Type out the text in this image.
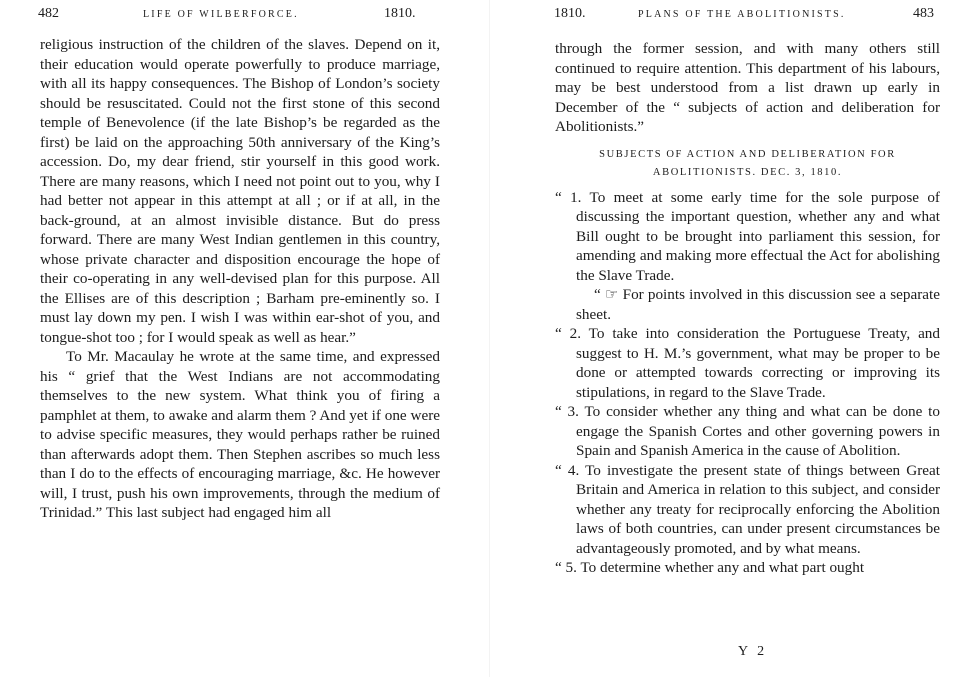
482	LIFE OF WILBERFORCE.	1810.

religious instruction of the children of the slaves. Depend on it, their education would operate powerfully to produce marriage, with all its happy consequences. The Bishop of London’s society should be resuscitated. Could not the first stone of this second temple of Benevolence (if the late Bishop’s be regarded as the first) be laid on the approaching 50th anniversary of the King’s accession. Do, my dear friend, stir yourself in this good work. There are many reasons, which I need not point out to you, why I had better not appear in this attempt at all ; or if at all, in the back-ground, at an almost invisible distance. But do press forward. There are many West Indian gentlemen in this country, whose private character and disposition encourage the hope of their co-operating in any well-devised plan for this purpose. All the Ellises are of this description ; Barham pre-eminently so. I must lay down my pen. I wish I was within ear-shot of you, and tongue-shot too ; for I would speak as well as hear.”

To Mr. Macaulay he wrote at the same time, and expressed his “ grief that the West Indians are not accommodating themselves to the new system. What think you of firing a pamphlet at them, to awake and alarm them ? And yet if one were to advise specific measures, they would perhaps rather be ruined than afterwards adopt them. Then Stephen ascribes so much less than I do to the effects of encouraging marriage, &c. He however will, I trust, push his own improvements, through the medium of Trinidad.” This last subject had engaged him all

1810.	PLANS OF THE ABOLITIONISTS.	483

through the former session, and with many others still continued to require attention. This department of his labours, may be best understood from a list drawn up early in December of the “ subjects of action and deliberation for Abolitionists.”

SUBJECTS OF ACTION AND DELIBERATION FOR
ABOLITIONISTS. DEC. 3, 1810.

“ 1. To meet at some early time for the sole purpose of discussing the important question, whether any and what Bill ought to be brought into parliament this session, for amending and making more effectual the Act for abolishing the Slave Trade.

“ ☞ For points involved in this discussion see a separate sheet.

“ 2. To take into consideration the Portuguese Treaty, and suggest to H. M.’s government, what may be proper to be done or attempted towards correcting or improving its stipulations, in regard to the Slave Trade.

“ 3. To consider whether any thing and what can be done to engage the Spanish Cortes and other governing powers in Spain and Spanish America in the cause of Abolition.

“ 4. To investigate the present state of things between Great Britain and America in relation to this subject, and consider whether any treaty for reciprocally enforcing the Abolition laws of both countries, can under present circumstances be advantageously promoted, and by what means.

“ 5. To determine whether any and what part ought

Y 2
